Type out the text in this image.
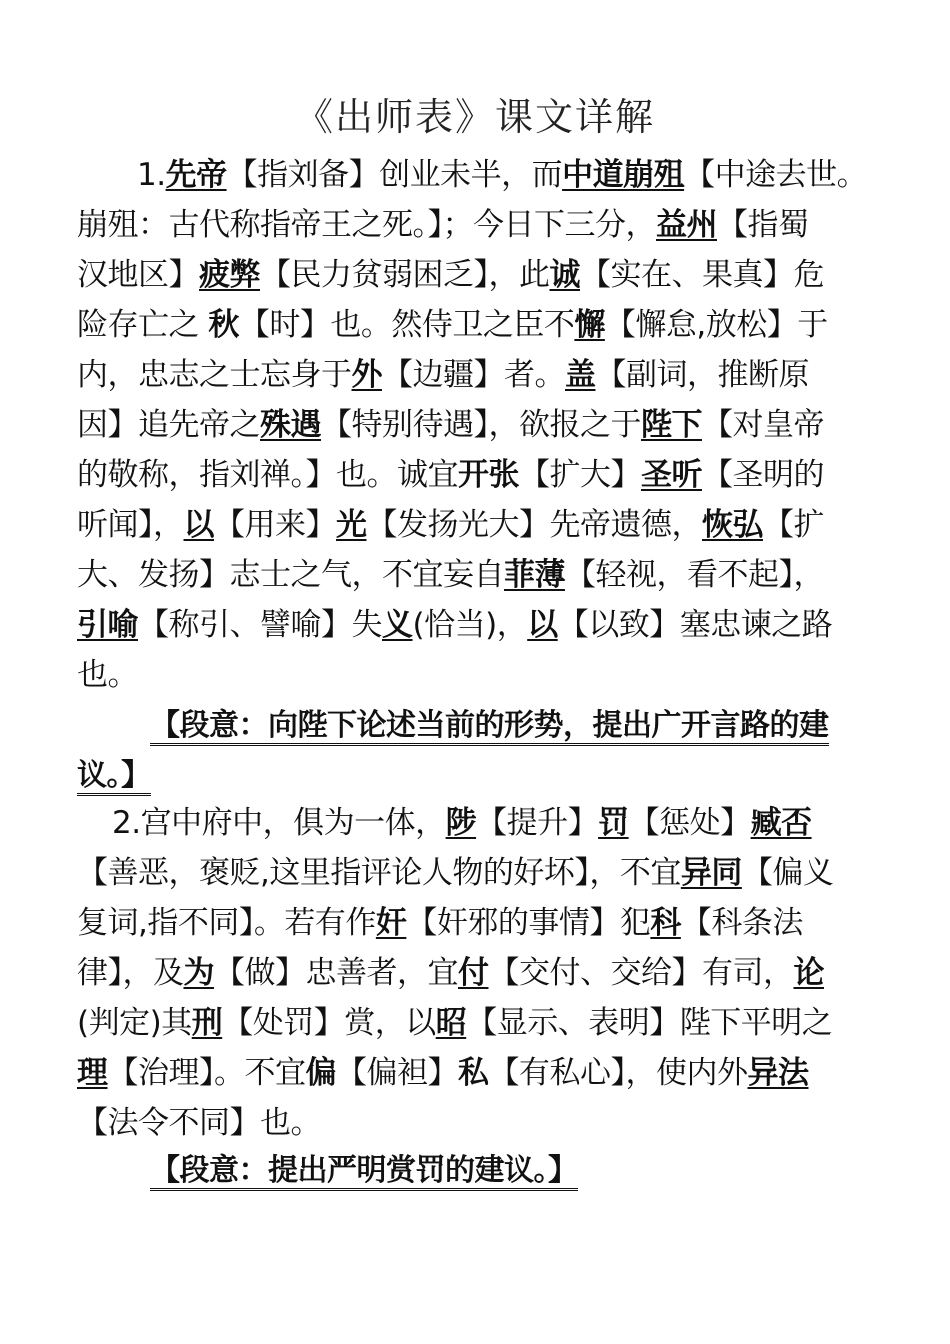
《出师表》课文详解
1.先帝【指刘备】创业未半，而中道崩殂【中途去世。
崩殂：古代称指帝王之死。】；今日下三分，益州【指蜀
汉地区】疲弊【民力贫弱困乏】，此诚【实在、果真】危
险存亡之 秋【时】也。然侍卫之臣不懈【懈怠,放松】于
内，忠志之士忘身于外【边疆】者。盖【副词，推断原
因】追先帝之殊遇【特别待遇】，欲报之于陛下【对皇帝
的敬称，指刘禅。】也。诚宜开张【扩大】圣听【圣明的
听闻】，以【用来】光【发扬光大】先帝遗德，恢弘【扩
大、发扬】志士之气，不宜妄自菲薄【轻视，看不起】，
引喻【称引、譬喻】失义(恰当)，以【以致】塞忠谏之路
也。
【段意：向陛下论述当前的形势，提出广开言路的建
议。】
2.宫中府中，俱为一体，陟【提升】罚【惩处】臧否
【善恶，褒贬,这里指评论人物的好坏】，不宜异同【偏义
复词,指不同】。若有作奸【奸邪的事情】犯科【科条法
律】，及为【做】忠善者，宜付【交付、交给】有司，论
(判定)其刑【处罚】赏，以昭【显示、表明】陛下平明之
理【治理】。不宜偏【偏袒】私【有私心】，使内外异法
【法令不同】也。
【段意：提出严明赏罚的建议。】
